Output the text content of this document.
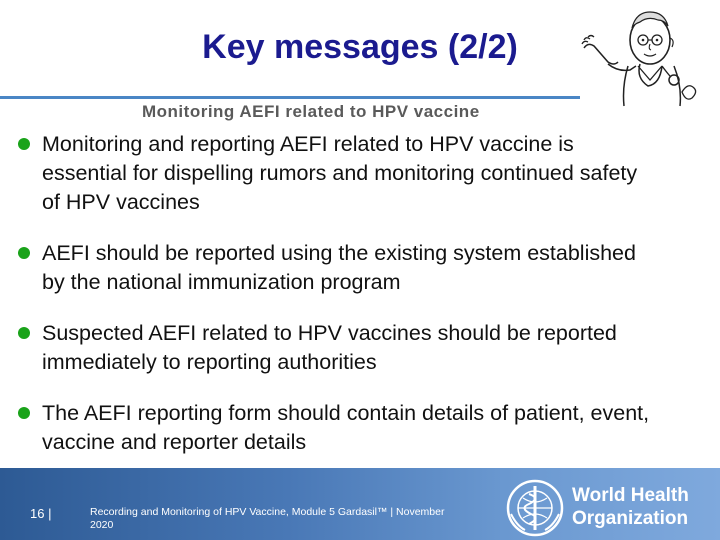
Key messages (2/2)
Monitoring AEFI related to HPV vaccine
Monitoring and reporting AEFI related to HPV vaccine is essential for dispelling rumors and monitoring continued safety of HPV vaccines
AEFI should be reported using the existing system established by the national immunization program
Suspected AEFI related to HPV vaccines should be reported immediately to reporting authorities
The AEFI reporting form should contain details of patient, event, vaccine and reporter details
16 |	Recording and Monitoring of HPV Vaccine, Module 5 Gardasil™ | November 2020
World Health
Organization
